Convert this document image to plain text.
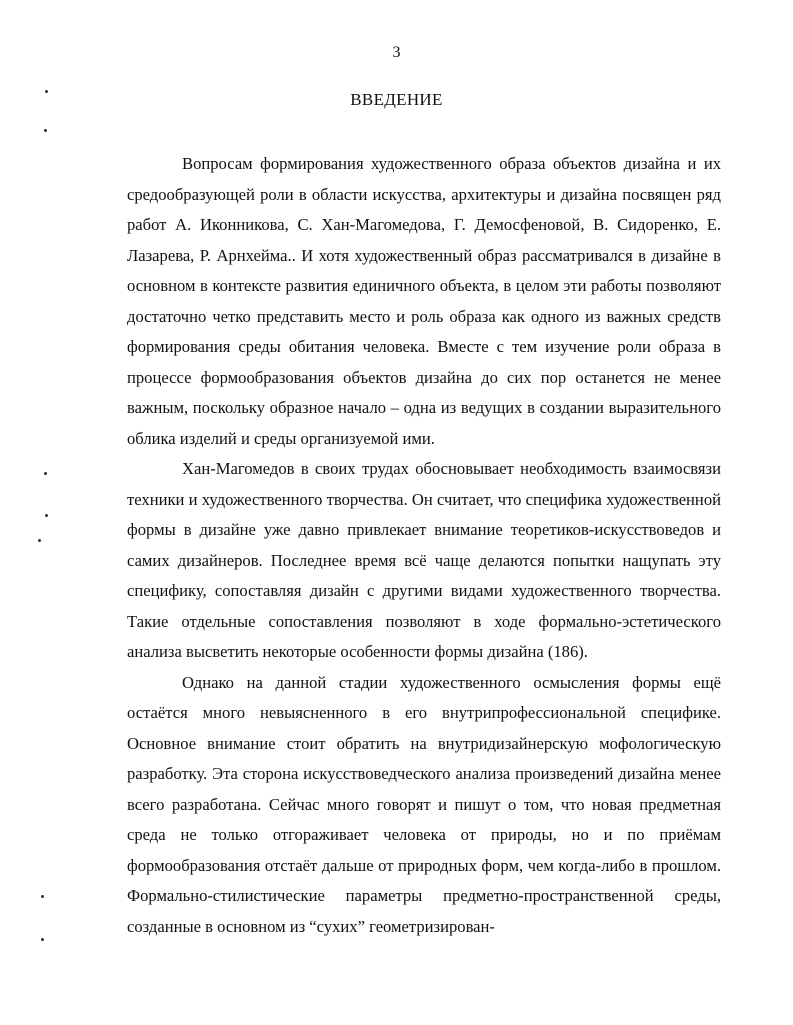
3
ВВЕДЕНИЕ

Вопросам формирования художественного образа объектов дизайна и их средообразующей роли в области искусства, архитектуры и дизайна посвящен ряд работ А. Иконникова, С. Хан-Магомедова, Г. Демосфеновой, В. Сидоренко, Е. Лазарева, Р. Арнхейма.. И хотя художественный образ рассматривался в дизайне в основном в контексте развития единичного объекта, в целом эти работы позволяют достаточно четко представить место и роль образа как одного из важных средств формирования среды обитания человека. Вместе с тем изучение роли образа в процессе формообразования объектов дизайна до сих пор останется не менее важным, поскольку образное начало – одна из ведущих в создании выразительного облика изделий и среды организуемой ими.

Хан-Магомедов в своих трудах обосновывает необходимость взаимосвязи техники и художественного творчества. Он считает, что специфика художественной формы в дизайне уже давно привлекает внимание теоретиков-искусствоведов и самих дизайнеров. Последнее время всё чаще делаются попытки нащупать эту специфику, сопоставляя дизайн с другими видами художественного творчества. Такие отдельные сопоставления позволяют в ходе формально-эстетического анализа высветить некоторые особенности формы дизайна (186).

Однако на данной стадии художественного осмысления формы ещё остаётся много невыясненного в его внутрипрофессиональной специфике. Основное внимание стоит обратить на внутридизайнерскую мофологическую разработку. Эта сторона искусствоведческого анализа произведений дизайна менее всего разработана. Сейчас много говорят и пишут о том, что новая предметная среда не только отгораживает человека от природы, но и по приёмам формообразования отстаёт дальше от природных форм, чем когда-либо в прошлом. Формально-стилистические параметры предметно-пространственной среды, созданные в основном из “сухих” геометризирован-
